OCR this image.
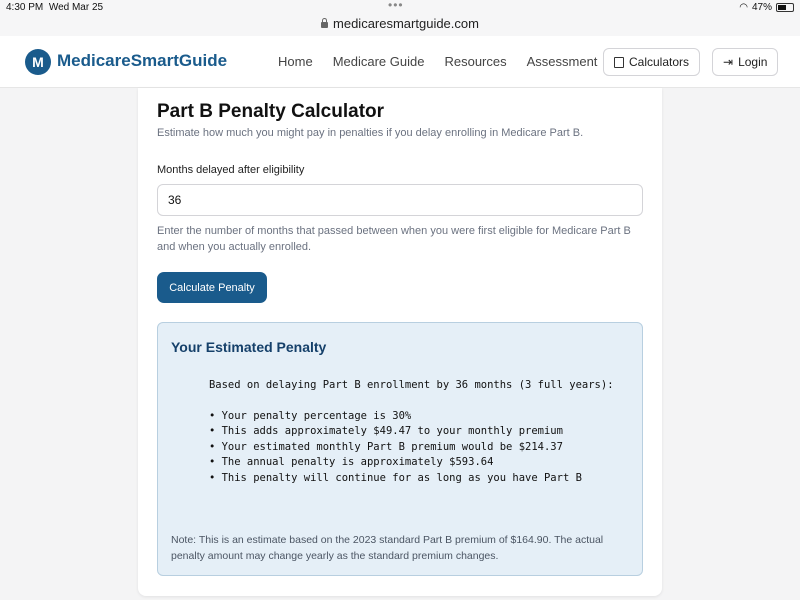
4:30 PM Wed Mar 25	•••	◠ 47%
medicaresmartguide.com
M MedicareSmartGuide	Home Medicare Guide Resources Assessment	Calculators	⇥ Login
Part B Penalty Calculator
Estimate how much you might pay in penalties if you delay enrolling in Medicare Part B.
Months delayed after eligibility
36
Enter the number of months that passed between when you were first eligible for Medicare Part B and when you actually enrolled.
Calculate Penalty
Your Estimated Penalty
Based on delaying Part B enrollment by 36 months (3 full years):
• Your penalty percentage is 30%
• This adds approximately $49.47 to your monthly premium
• Your estimated monthly Part B premium would be $214.37
• The annual penalty is approximately $593.64
• This penalty will continue for as long as you have Part B
Note: This is an estimate based on the 2023 standard Part B premium of $164.90. The actual penalty amount may change yearly as the standard premium changes.
